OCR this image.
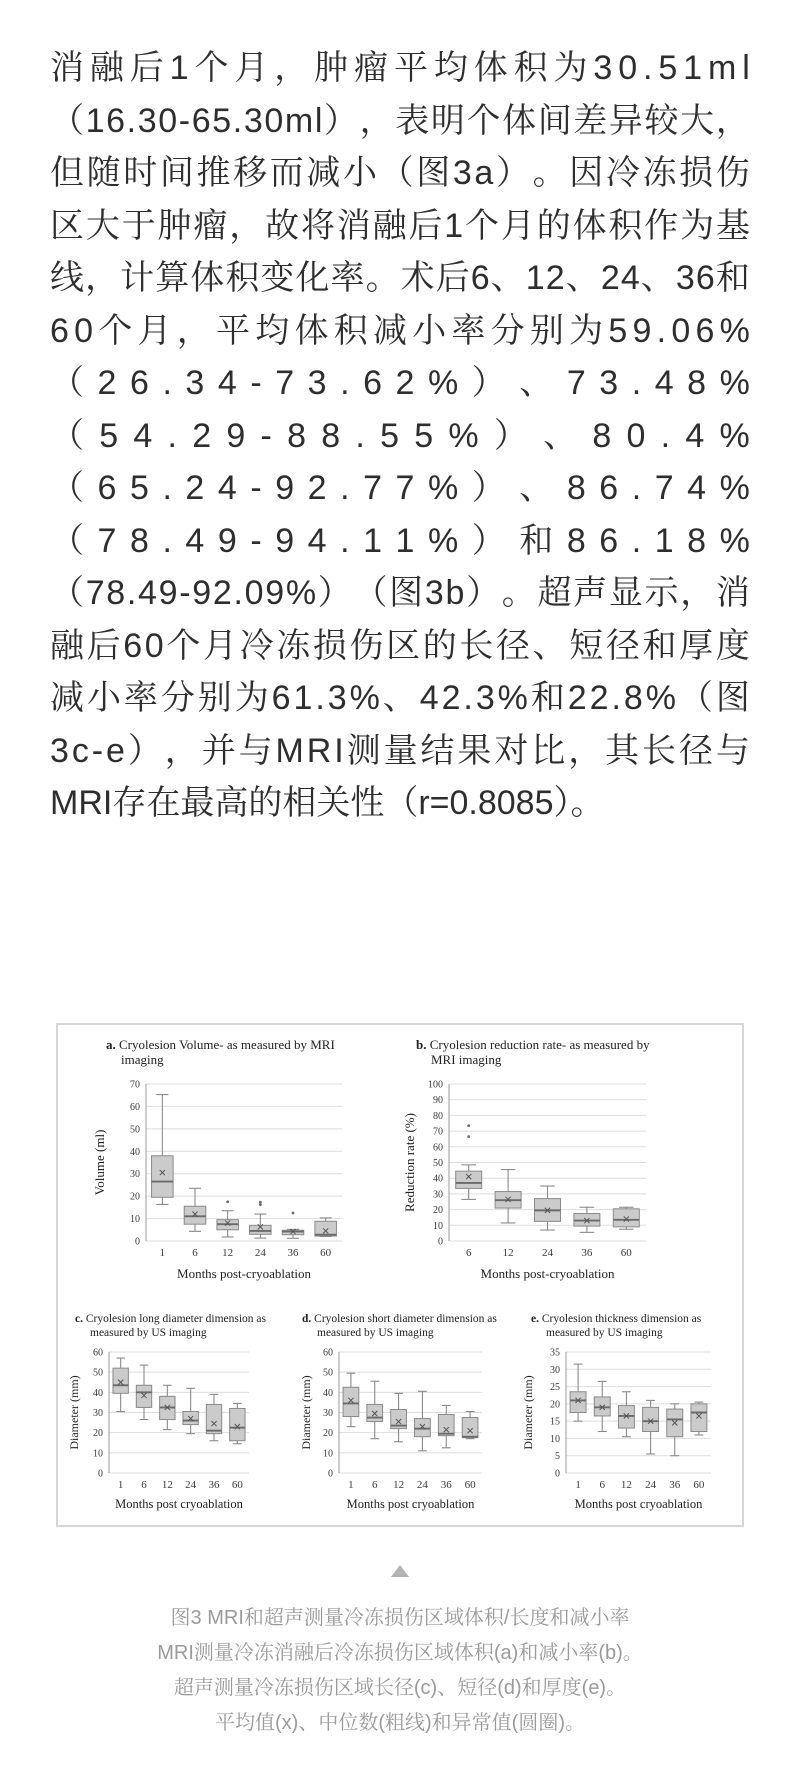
消 融 后 1 个 月 ， 肿 瘤 平 均 体 积 为 3 0 . 5 1 m l
（ 1 6 . 3 0 - 6 5 . 3 0 m l ） ， 表 明 个 体 间 差 异 较 大 ，
但 随 时 间 推 移 而 减 小 （ 图 3 a ） 。 因 冷 冻 损 伤
区 大 于 肿 瘤 ， 故 将 消 融 后 1 个 月 的 体 积 作 为 基
线 ， 计 算 体 积 变 化 率 。 术 后 6 、 1 2 、 2 4 、 3 6 和
6 0 个 月 ， 平 均 体 积 减 小 率 分 别 为 5 9 . 0 6 %
（ 2 6 . 3 4 - 7 3 . 6 2 % ） 、 7 3 . 4 8 %
（ 5 4 . 2 9 - 8 8 . 5 5 % ） 、 8 0 . 4 %
（ 6 5 . 2 4 - 9 2 . 7 7 % ） 、 8 6 . 7 4 %
（ 7 8 . 4 9 - 9 4 . 1 1 % ） 和 8 6 . 1 8 %
（ 7 8 . 4 9 - 9 2 . 0 9 % ） （ 图 3 b ） 。 超 声 显 示 ， 消
融 后 6 0 个 月 冷 冻 损 伤 区 的 长 径 、 短 径 和 厚 度
减 小 率 分 别 为 6 1 . 3 % 、 4 2 . 3 % 和 2 2 . 8 % （ 图
3 c - e ） ， 并 与 M R I 测 量 结 果 对 比 ， 其 长 径 与
MRI存在最高的相关性（r=0.8085）。
a. Cryolesion Volume- as measured by MRI imaging
0
10
20
30
40
50
60
70
1 6 12 24 36 60
Months post-cryoablation
Volume (ml)
b. Cryolesion reduction rate- as measured by MRI imaging
0
10
20
30
40
50
60
70
80
90
100
6	12	24	36	60
Months post-cryoablation
Reduction rate (%)
c. Cryolesion long diameter dimension as measured by US imaging
0
10
20
30
40
50
60
1 6 12 24 36 60
Months post cryoablation
Diameter (mm)
d. Cryolesion short diameter dimension as measured by US imaging
0
10
20
30
40
50
60
1 6 12 24 36 60
Months post cryoablation
Diameter (mm)
e. Cryolesion thickness dimension as measured by US imaging
0
5
10
15
20
25
30
35
1 6 12 24 36 60
Months post cryoablation
Diameter (mm)
图3 MRI和超声测量冷冻损伤区域体积/长度和减小率
MRI测量冷冻消融后冷冻损伤区域体积(a)和减小率(b)。
超声测量冷冻损伤区域长径(c)、短径(d)和厚度(e)。
平均值(x)、中位数(粗线)和异常值(圆圈)。
